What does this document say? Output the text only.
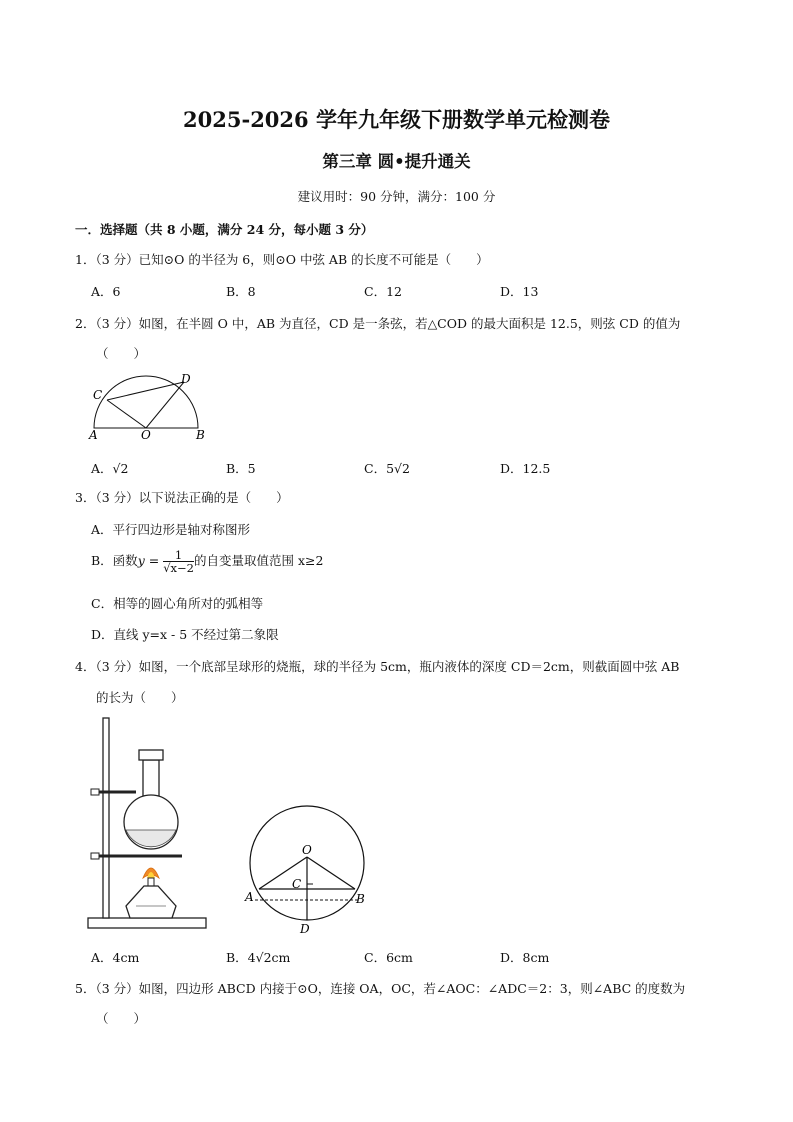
2025-2026 学年九年级下册数学单元检测卷
第三章 圆•提升通关
建议用时：90 分钟，满分：100 分
一．选择题（共 8 小题，满分 24 分，每小题 3 分）
1．（3 分）已知⊙O 的半径为 6，则⊙O 中弦 AB 的长度不可能是（　　）
A．6	B．8	C．12	D．13
2．（3 分）如图，在半圆 O 中，AB 为直径，CD 是一条弦，若△COD 的最大面积是 12.5，则弦 CD 的值为
（　　）
C
D
A	O	B
A．√2	B．5	C．5√2	D．12.5
3．（3 分）以下说法正确的是（　　）
A．平行四边形是轴对称图形
B．函数$y = \frac{1}{√x-2}$ 的自变量取值范围 x≥2
C．相等的圆心角所对的弧相等
D．直线 y=x - 5 不经过第二象限
4．（3 分）如图，一个底部呈球形的烧瓶，球的半径为 5cm，瓶内液体的深度 CD＝2cm，则截面圆中弦 AB
的长为（　　）
O
C
A	B
D
A．4cm	B．4√2cm	C．6cm	D．8cm
5．（3 分）如图，四边形 ABCD 内接于⊙O，连接 OA，OC，若∠AOC：∠ADC＝2：3，则∠ABC 的度数为
（　　）
